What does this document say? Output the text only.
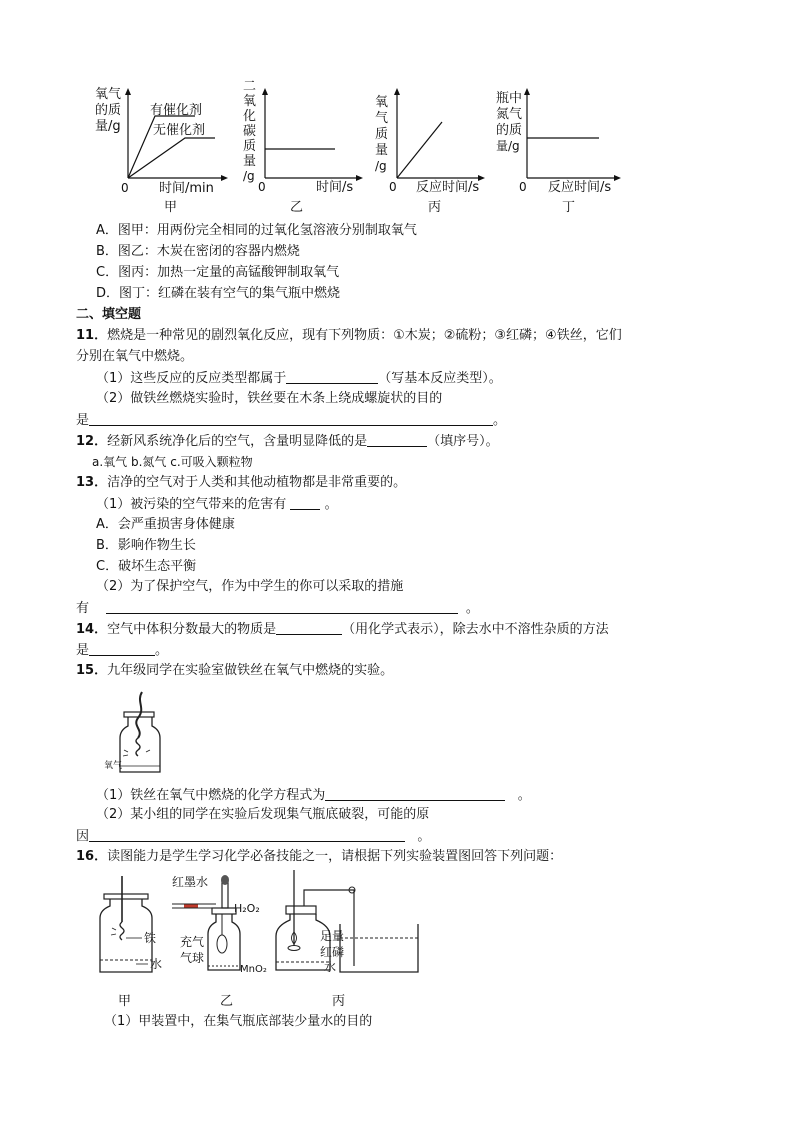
氧气
的质
量/g
有催化剂
无催化剂
0 时间/min
甲
二
氧
化
碳
质
量
/g
0	时间/s
乙
氧
气
质
量
/g
0 反应时间/s
丙
瓶中
氮气
的质
量/g
0 反应时间/s
丁
A．图甲：用两份完全相同的过氧化氢溶液分别制取氧气
B．图乙：木炭在密闭的容器内燃烧
C．图丙：加热一定量的高锰酸钾制取氧气
D．图丁：红磷在装有空气的集气瓶中燃烧
二、填空题
11．燃烧是一种常见的剧烈氧化反应，现有下列物质：①木炭；②硫粉；③红磷；④铁丝，它们
分别在氧气中燃烧。
（1）这些反应的反应类型都属于	（写基本反应类型）。
（2）做铁丝燃烧实验时，铁丝要在木条上绕成螺旋状的目的
是	。
12．经新风系统净化后的空气，含量明显降低的是	（填序号）。
a.氧气 b.氮气 c.可吸入颗粒物
13．洁净的空气对于人类和其他动植物都是非常重要的。
（1）被污染的空气带来的危害有	。
A．会严重损害身体健康
B．影响作物生长
C．破坏生态平衡
（2）为了保护空气，作为中学生的你可以采取的措施
有	。
14．空气中体积分数最大的物质是	（用化学式表示），除去水中不溶性杂质的方法
是	。
15．九年级同学在实验室做铁丝在氧气中燃烧的实验。
氧气
（1）铁丝在氧气中燃烧的化学方程式为	。
（2）某小组的同学在实验后发现集气瓶底破裂，可能的原
因	。
16．读图能力是学生学习化学必备技能之一，请根据下列实验装置图回答下列问题：
铁
水
红墨水
H₂O₂
充气
气球
MnO₂
足量
红磷
水
甲	乙	丙
（1）甲装置中，在集气瓶底部装少量水的目的
